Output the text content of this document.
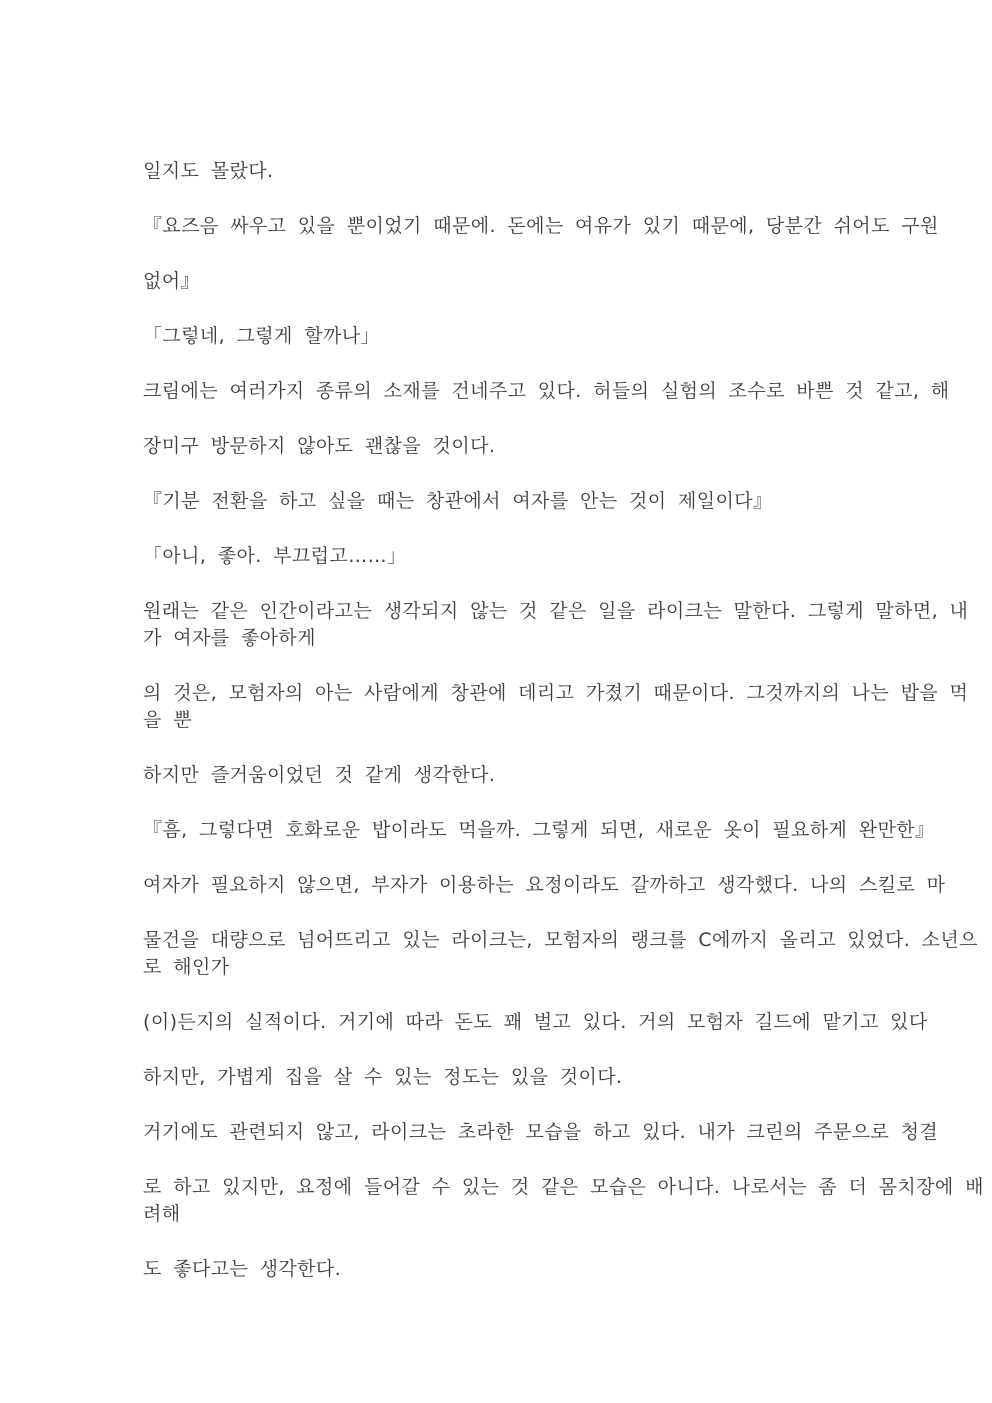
일지도 몰랐다.

『요즈음 싸우고 있을 뿐이었기 때문에. 돈에는 여유가 있기 때문에, 당분간 쉬어도 구원

없어』

「그렇네, 그렇게 할까나」

크림에는 여러가지 종류의 소재를 건네주고 있다. 허들의 실험의 조수로 바쁜 것 같고, 해

장미구 방문하지 않아도 괜찮을 것이다.

『기분 전환을 하고 싶을 때는 창관에서 여자를 안는 것이 제일이다』

「아니, 좋아. 부끄럽고……」

원래는 같은 인간이라고는 생각되지 않는 것 같은 일을 라이크는 말한다. 그렇게 말하면, 내
가 여자를 좋아하게

의 것은, 모험자의 아는 사람에게 창관에 데리고 가졌기 때문이다. 그것까지의 나는 밥을 먹
을 뿐

하지만 즐거움이었던 것 같게 생각한다.

『흠, 그렇다면 호화로운 밥이라도 먹을까. 그렇게 되면, 새로운 옷이 필요하게 완만한』

여자가 필요하지 않으면, 부자가 이용하는 요정이라도 갈까하고 생각했다. 나의 스킬로 마

물건을 대량으로 넘어뜨리고 있는 라이크는, 모험자의 랭크를 C에까지 올리고 있었다. 소년으
로 해인가

(이)든지의 실적이다. 거기에 따라 돈도 꽤 벌고 있다. 거의 모험자 길드에 맡기고 있다

하지만, 가볍게 집을 살 수 있는 정도는 있을 것이다.

거기에도 관련되지 않고, 라이크는 초라한 모습을 하고 있다. 내가 크린의 주문으로 청결

로 하고 있지만, 요정에 들어갈 수 있는 것 같은 모습은 아니다. 나로서는 좀 더 몸치장에 배
려해

도 좋다고는 생각한다.
